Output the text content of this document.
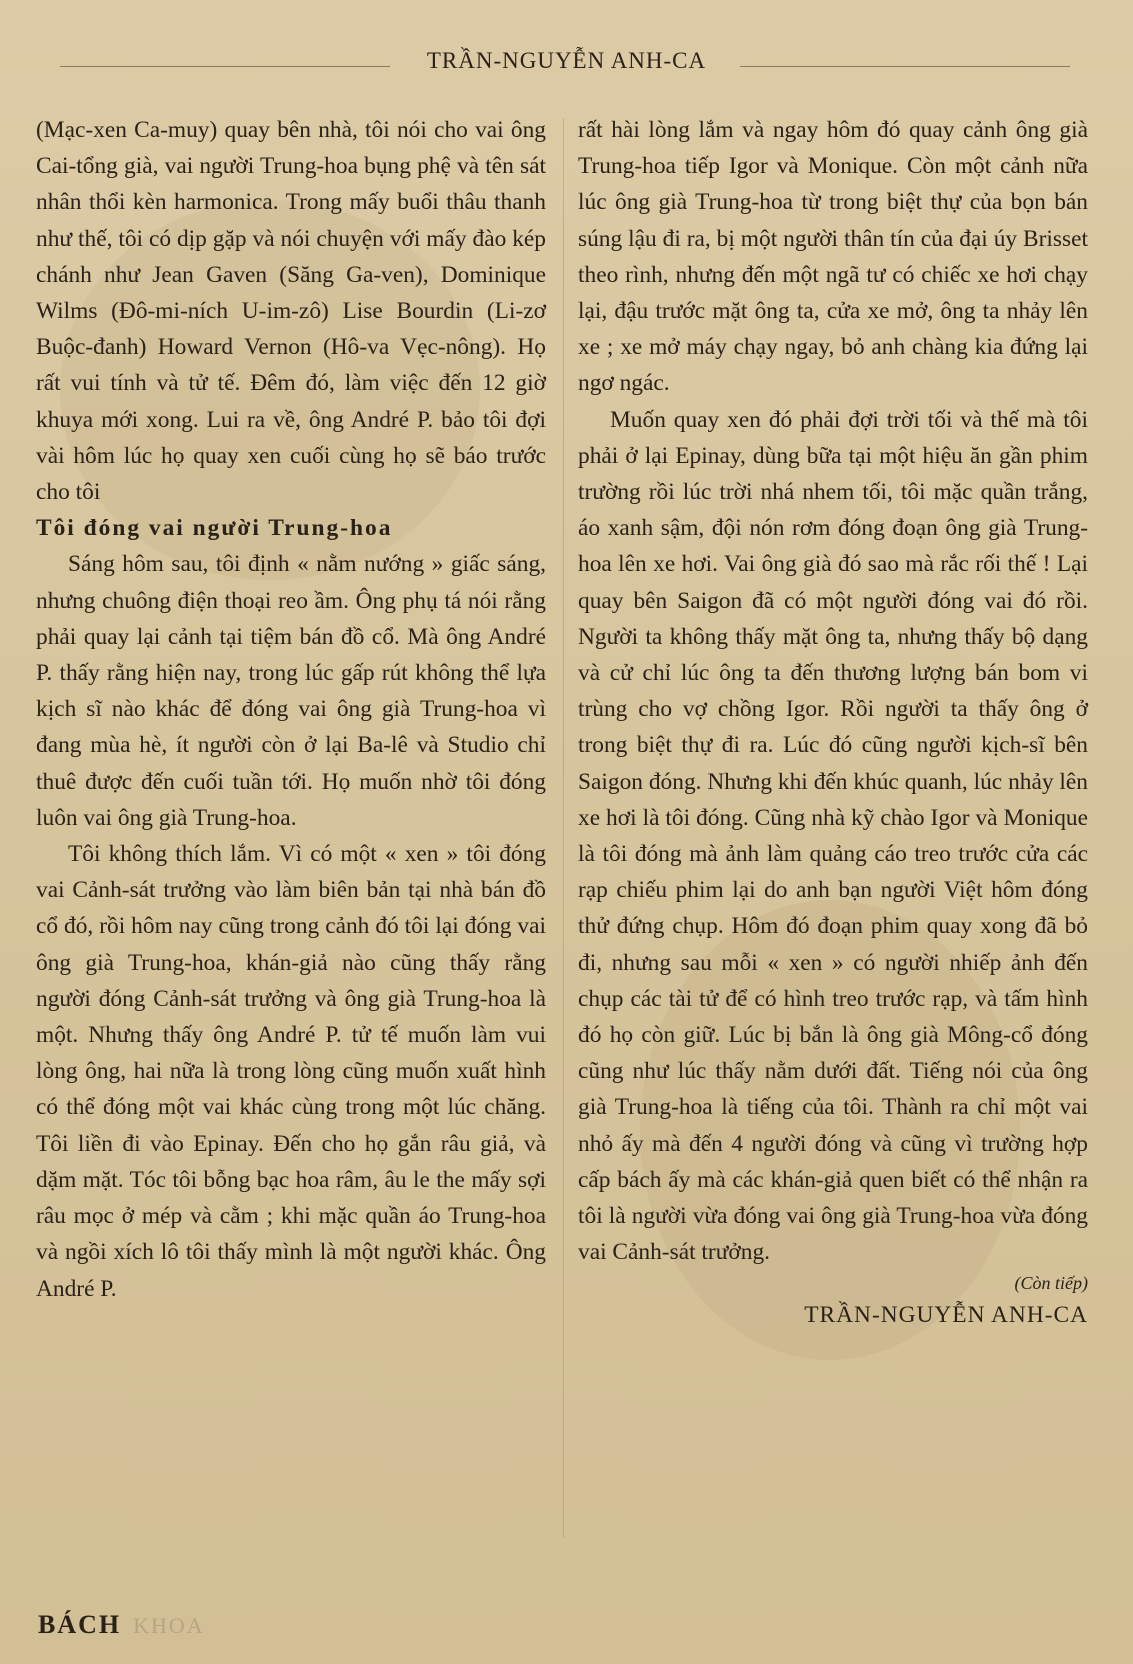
TRẦN-NGUYỄN ANH-CA

(Mạc-xen Ca-muy) quay bên nhà, tôi nói cho vai ông Cai-tổng già, vai người Trung-hoa bụng phệ và tên sát nhân thổi kèn harmonica. Trong mấy buổi thâu thanh như thế, tôi có dịp gặp và nói chuyện với mấy đào kép chánh như Jean Gaven (Săng Ga-ven), Dominique Wilms (Đô-mi-ních U-im-zô) Lise Bourdin (Li-zơ Buộc-đanh) Howard Vernon (Hô-va Vẹc-nông). Họ rất vui tính và tử tế. Đêm đó, làm việc đến 12 giờ khuya mới xong. Lui ra về, ông André P. bảo tôi đợi vài hôm lúc họ quay xen cuối cùng họ sẽ báo trước cho tôi

Tôi đóng vai người Trung-hoa

Sáng hôm sau, tôi định « nằm nướng » giấc sáng, nhưng chuông điện thoại reo ầm. Ông phụ tá nói rằng phải quay lại cảnh tại tiệm bán đồ cổ. Mà ông André P. thấy rằng hiện nay, trong lúc gấp rút không thể lựa kịch sĩ nào khác để đóng vai ông già Trung-hoa vì đang mùa hè, ít người còn ở lại Ba-lê và Studio chỉ thuê được đến cuối tuần tới. Họ muốn nhờ tôi đóng luôn vai ông già Trung-hoa.

Tôi không thích lắm. Vì có một « xen » tôi đóng vai Cảnh-sát trưởng vào làm biên bản tại nhà bán đồ cổ đó, rồi hôm nay cũng trong cảnh đó tôi lại đóng vai ông già Trung-hoa, khán-giả nào cũng thấy rằng người đóng Cảnh-sát trưởng và ông già Trung-hoa là một. Nhưng thấy ông André P. tử tế muốn làm vui lòng ông, hai nữa là trong lòng cũng muốn xuất hình có thể đóng một vai khác cùng trong một lúc chăng. Tôi liền đi vào Epinay. Đến cho họ gắn râu giả, và dặm mặt. Tóc tôi bỗng bạc hoa râm, âu le the mấy sợi râu mọc ở mép và cằm ; khi mặc quần áo Trung-hoa và ngồi xích lô tôi thấy mình là một người khác. Ông André P.

rất hài lòng lắm và ngay hôm đó quay cảnh ông già Trung-hoa tiếp Igor và Monique. Còn một cảnh nữa lúc ông già Trung-hoa từ trong biệt thự của bọn bán súng lậu đi ra, bị một người thân tín của đại úy Brisset theo rình, nhưng đến một ngã tư có chiếc xe hơi chạy lại, đậu trước mặt ông ta, cửa xe mở, ông ta nhảy lên xe ; xe mở máy chạy ngay, bỏ anh chàng kia đứng lại ngơ ngác.

Muốn quay xen đó phải đợi trời tối và thế mà tôi phải ở lại Epinay, dùng bữa tại một hiệu ăn gần phim trường rồi lúc trời nhá nhem tối, tôi mặc quần trắng, áo xanh sậm, đội nón rơm đóng đoạn ông già Trung-hoa lên xe hơi. Vai ông già đó sao mà rắc rối thế ! Lại quay bên Saigon đã có một người đóng vai đó rồi. Người ta không thấy mặt ông ta, nhưng thấy bộ dạng và cử chỉ lúc ông ta đến thương lượng bán bom vi trùng cho vợ chồng Igor. Rồi người ta thấy ông ở trong biệt thự đi ra. Lúc đó cũng người kịch-sĩ bên Saigon đóng. Nhưng khi đến khúc quanh, lúc nhảy lên xe hơi là tôi đóng. Cũng nhà kỹ chào Igor và Monique là tôi đóng mà ảnh làm quảng cáo treo trước cửa các rạp chiếu phim lại do anh bạn người Việt hôm đóng thử đứng chụp. Hôm đó đoạn phim quay xong đã bỏ đi, nhưng sau mỗi « xen » có người nhiếp ảnh đến chụp các tài tử để có hình treo trước rạp, và tấm hình đó họ còn giữ. Lúc bị bắn là ông già Mông-cổ đóng cũng như lúc thấy nằm dưới đất. Tiếng nói của ông già Trung-hoa là tiếng của tôi. Thành ra chỉ một vai nhỏ ấy mà đến 4 người đóng và cũng vì trường hợp cấp bách ấy mà các khán-giả quen biết có thể nhận ra tôi là người vừa đóng vai ông già Trung-hoa vừa đóng vai Cảnh-sát trưởng.

(Còn tiếp)

TRẦN-NGUYỄN ANH-CA

BÁCH KHOA
